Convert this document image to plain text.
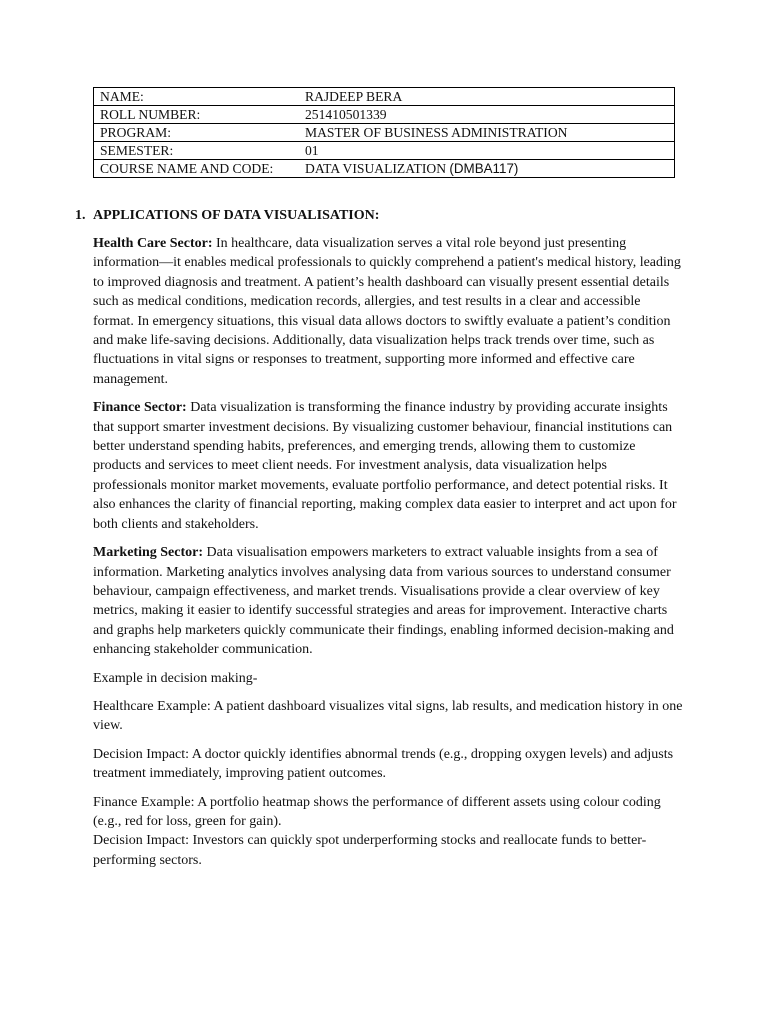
NAME:	RAJDEEP BERA
ROLL NUMBER:	251410501339
PROGRAM:	MASTER OF BUSINESS ADMINISTRATION
SEMESTER:	01
COURSE NAME AND CODE:	DATA VISUALIZATION (DMBA117)
1. APPLICATIONS OF DATA VISUALISATION:

Health Care Sector: In healthcare, data visualization serves a vital role beyond just presenting information—it enables medical professionals to quickly comprehend a patient's medical history, leading to improved diagnosis and treatment. A patient’s health dashboard can visually present essential details such as medical conditions, medication records, allergies, and test results in a clear and accessible format. In emergency situations, this visual data allows doctors to swiftly evaluate a patient’s condition and make life-saving decisions. Additionally, data visualization helps track trends over time, such as fluctuations in vital signs or responses to treatment, supporting more informed and effective care management.

Finance Sector: Data visualization is transforming the finance industry by providing accurate insights that support smarter investment decisions. By visualizing customer behaviour, financial institutions can better understand spending habits, preferences, and emerging trends, allowing them to customize products and services to meet client needs. For investment analysis, data visualization helps professionals monitor market movements, evaluate portfolio performance, and detect potential risks. It also enhances the clarity of financial reporting, making complex data easier to interpret and act upon for both clients and stakeholders.

Marketing Sector: Data visualisation empowers marketers to extract valuable insights from a sea of information. Marketing analytics involves analysing data from various sources to understand consumer behaviour, campaign effectiveness, and market trends. Visualisations provide a clear overview of key metrics, making it easier to identify successful strategies and areas for improvement. Interactive charts and graphs help marketers quickly communicate their findings, enabling informed decision-making and enhancing stakeholder communication.

Example in decision making-

Healthcare Example: A patient dashboard visualizes vital signs, lab results, and medication history in one view.

Decision Impact: A doctor quickly identifies abnormal trends (e.g., dropping oxygen levels) and adjusts treatment immediately, improving patient outcomes.

Finance Example: A portfolio heatmap shows the performance of different assets using colour coding (e.g., red for loss, green for gain).

Decision Impact: Investors can quickly spot underperforming stocks and reallocate funds to better-performing sectors.
